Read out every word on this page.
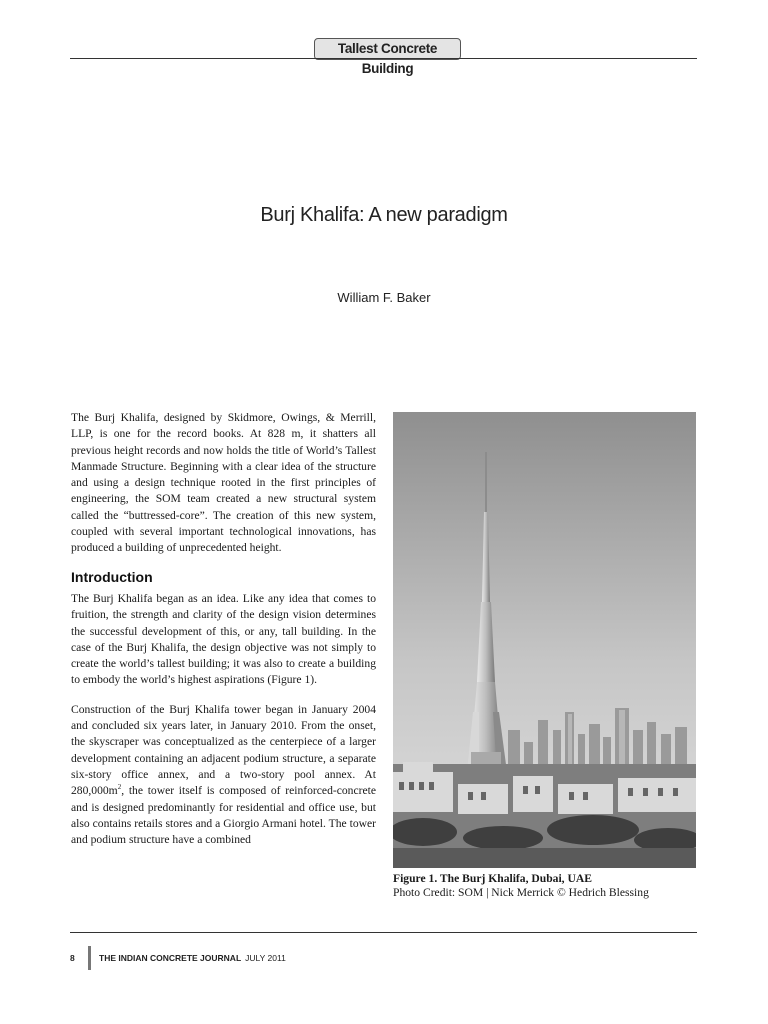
Tallest Concrete Building
Burj Khalifa: A new paradigm
William F. Baker

The Burj Khalifa, designed by Skidmore, Owings, & Merrill, LLP, is one for the record books. At 828 m, it shatters all previous height records and now holds the title of World’s Tallest Manmade Structure. Beginning with a clear idea of the structure and using a design technique rooted in the first principles of engineering, the SOM team created a new structural system called the “buttressed-core”. The creation of this new system, coupled with several important technological innovations, has produced a building of unprecedented height.

Introduction

The Burj Khalifa began as an idea. Like any idea that comes to fruition, the strength and clarity of the design vision determines the successful development of this, or any, tall building. In the case of the Burj Khalifa, the design objective was not simply to create the world’s tallest building; it was also to create a building to embody the world’s highest aspirations (Figure 1).

Construction of the Burj Khalifa tower began in January 2004 and concluded six years later, in January 2010. From the onset, the skyscraper was conceptualized as the centerpiece of a larger development containing an adjacent podium structure, a separate six-story office annex, and a two-story pool annex. At $280,000m^2$, the tower itself is composed of reinforced-concrete and is designed predominantly for residential and office use, but also contains retails stores and a Giorgio Armani hotel. The tower and podium structure have a combined

Figure 1. The Burj Khalifa, Dubai, UAE
Photo Credit: SOM | Nick Merrick © Hedrich Blessing
8	THE INDIAN CONCRETE JOURNAL JULY 2011
